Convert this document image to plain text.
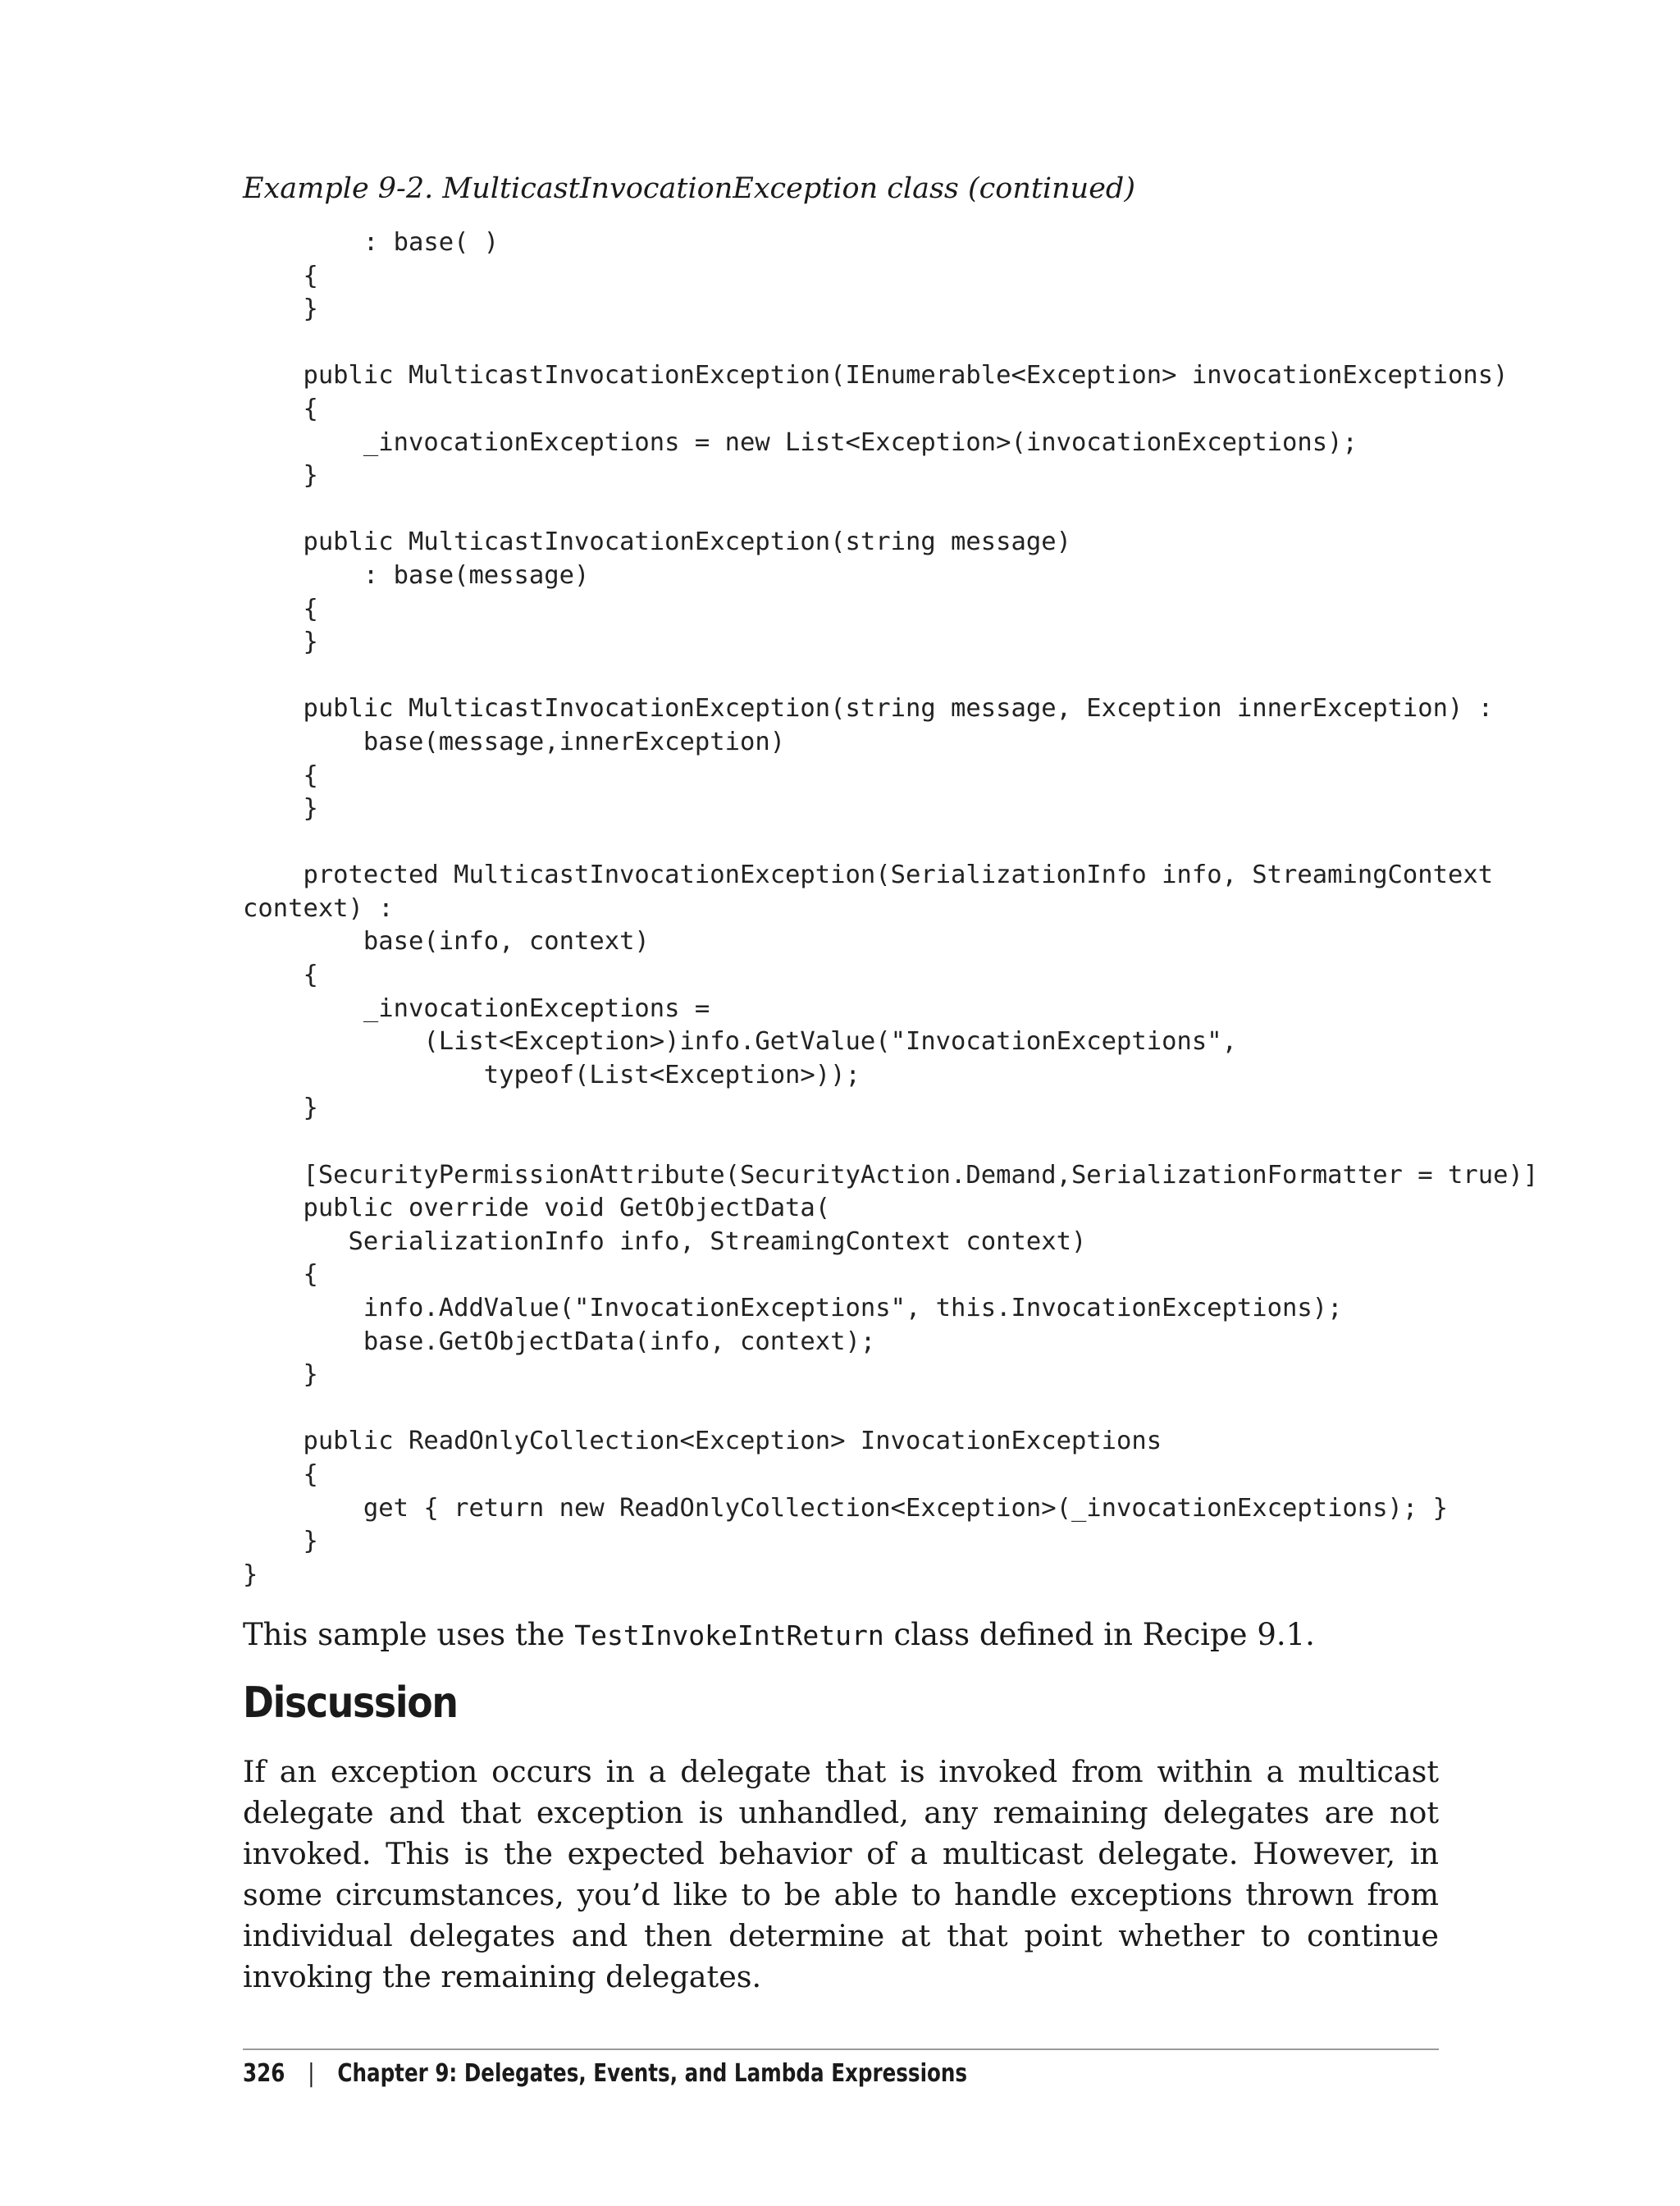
Example 9-2. MulticastInvocationException class (continued)
: base( )
{
}

public MulticastInvocationException(IEnumerable<Exception> invocationExceptions)
{
_invocationExceptions = new List<Exception>(invocationExceptions);
}

public MulticastInvocationException(string message)
: base(message)
{
}

public MulticastInvocationException(string message, Exception innerException) :
base(message,innerException)
{
}

protected MulticastInvocationException(SerializationInfo info, StreamingContext
context) :
base(info, context)
{
_invocationExceptions =
(List<Exception>)info.GetValue("InvocationExceptions",
typeof(List<Exception>));
}

[SecurityPermissionAttribute(SecurityAction.Demand,SerializationFormatter = true)]
public override void GetObjectData(
SerializationInfo info, StreamingContext context)
{
info.AddValue("InvocationExceptions", this.InvocationExceptions);
base.GetObjectData(info, context);
}

public ReadOnlyCollection<Exception> InvocationExceptions
{
get { return new ReadOnlyCollection<Exception>(_invocationExceptions); }
}
}

This sample uses the TestInvokeIntReturn class defined in Recipe 9.1.

Discussion

If an exception occurs in a delegate that is invoked from within a multicast delegate and that exception is unhandled, any remaining delegates are not invoked. This is the expected behavior of a multicast delegate. However, in some circumstances, you’d like to be able to handle exceptions thrown from individual delegates and then determine at that point whether to continue invoking the remaining delegates.

326 | Chapter 9: Delegates, Events, and Lambda Expressions
